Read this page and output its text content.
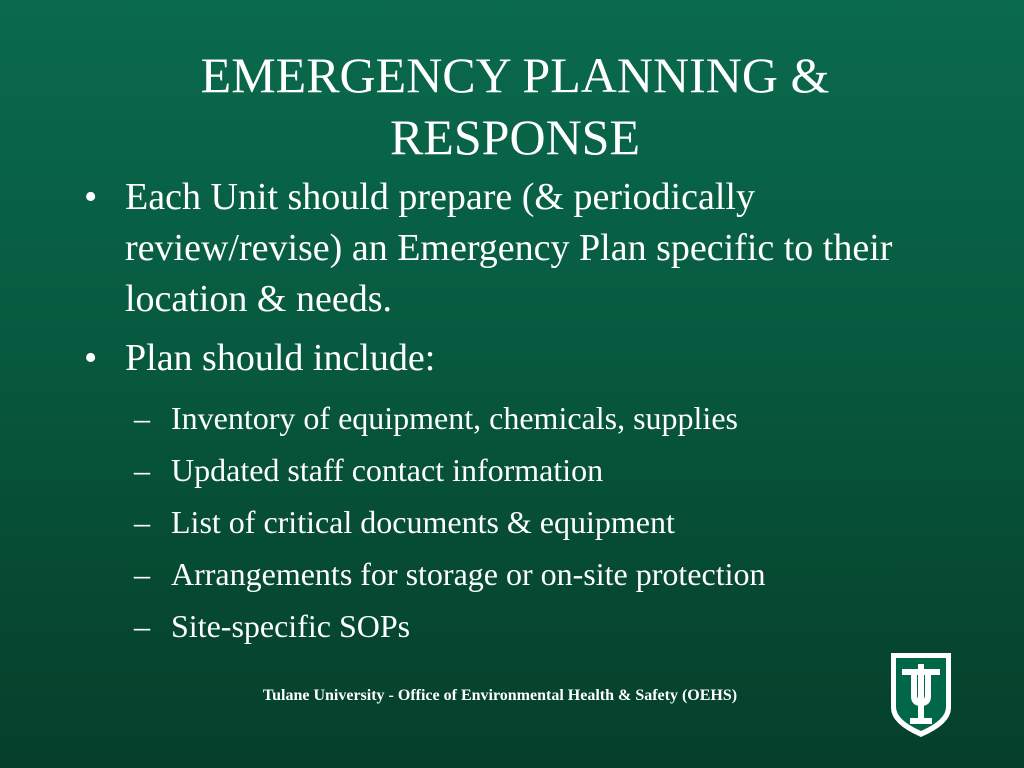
EMERGENCY PLANNING &
RESPONSE
• Each Unit should prepare (& periodically review/revise) an Emergency Plan specific to their location & needs.
• Plan should include:
– Inventory of equipment, chemicals, supplies
– Updated staff contact information
– List of critical documents & equipment
– Arrangements for storage or on-site protection
– Site-specific SOPs
Tulane University - Office of Environmental Health & Safety (OEHS)
